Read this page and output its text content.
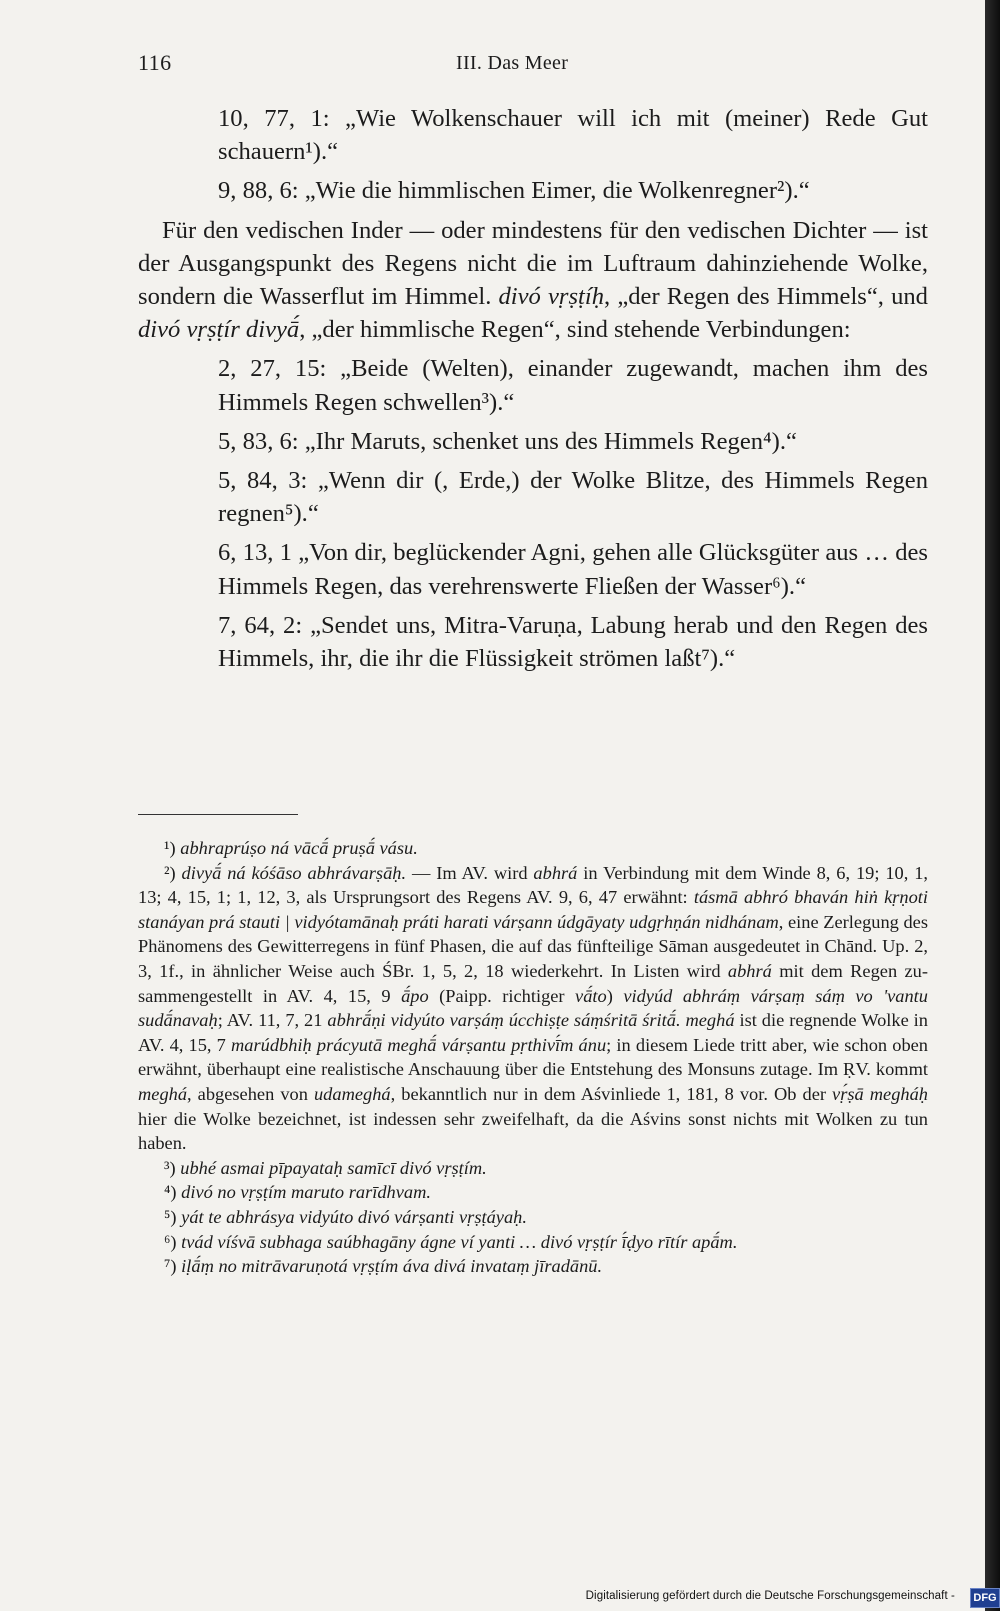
116	III. Das Meer

10, 77, 1: „Wie Wolkenschauer will ich mit (meiner) Rede Gut schauern¹).“

9, 88, 6: „Wie die himmlischen Eimer, die Wolkenregner²).“

Für den vedischen Inder — oder mindestens für den vedischen Dichter — ist der Ausgangspunkt des Regens nicht die im Luftraum dahinziehende Wolke, sondern die Wasserflut im Himmel. divó vṛṣṭíḥ, „der Regen des Himmels“, und divó vṛṣṭír divyā́, „der himmlische Regen“, sind stehende Verbindungen:

2, 27, 15: „Beide (Welten), einander zugewandt, machen ihm des Himmels Regen schwellen³).“

5, 83, 6: „Ihr Maruts, schenket uns des Himmels Regen⁴).“

5, 84, 3: „Wenn dir (, Erde,) der Wolke Blitze, des Himmels Regen regnen⁵).“

6, 13, 1 „Von dir, beglückender Agni, gehen alle Glücksgüter aus … des Himmels Regen, das verehrenswerte Fließen der Wasser⁶).“

7, 64, 2: „Sendet uns, Mitra-Varuṇa, Labung herab und den Regen des Himmels, ihr, die ihr die Flüssigkeit strömen laßt⁷).“

¹) abhraprúṣo ná vācā́ pruṣā́ vásu.

²) divyā́ ná kóśāso abhrávarṣāḥ. — Im AV. wird abhrá in Verbindung mit dem Winde 8, 6, 19; 10, 1, 13; 4, 15, 1; 1, 12, 3, als Ursprungsort des Regens AV. 9, 6, 47 erwähnt: tásmā abhró bhaván hiṅ kṛṇoti stanáyan prá stauti | vidyótamānaḥ práti harati várṣann údgāyaty udgṛhṇán nidhánam, eine Zerlegung des Phänomens des Gewitterregens in fünf Phasen, die auf das fünfteilige Sāman ausgedeutet in Chānd. Up. 2, 3, 1f., in ähnlicher Weise auch ŚBr. 1, 5, 2, 18 wiederkehrt. In Listen wird abhrá mit dem Regen zusammengestellt in AV. 4, 15, 9 ā́po (Paipp. richtiger vā́to) vidyúd abhráṃ várṣaṃ sáṃ vo 'vantu sudā́navaḥ; AV. 11, 7, 21 abhrā́ṇi vidyúto varṣáṃ úcchiṣṭe sáṃśritā śritā́. meghá ist die regnende Wolke in AV. 4, 15, 7 marúdbhiḥ prácyutā meghā́ várṣantu pṛthivī́m ánu; in diesem Liede tritt aber, wie schon oben erwähnt, überhaupt eine realistische Anschauung über die Entstehung des Monsuns zutage. Im ṚV. kommt meghá, abgesehen von udameghá, bekanntlich nur in dem Aśvinliede 1, 181, 8 vor. Ob der vṛ́ṣā megháḥ hier die Wolke bezeichnet, ist indessen sehr zweifelhaft, da die Aśvins sonst nichts mit Wolken zu tun haben.

³) ubhé asmai pīpayataḥ samīcī divó vṛṣṭím.

⁴) divó no vṛṣṭím maruto rarīdhvam.

⁵) yát te abhrásya vidyúto divó várṣanti vṛṣṭáyaḥ.

⁶) tvád víśvā subhaga saúbhagāny ágne ví yanti … divó vṛṣṭír ī́ḍyo rītír apā́m.

⁷) iḷā́ṃ no mitrāvaruṇotá vṛṣṭím áva divá invataṃ jīradānū.

Digitalisierung gefördert durch die Deutsche Forschungsgemeinschaft -	DFG
